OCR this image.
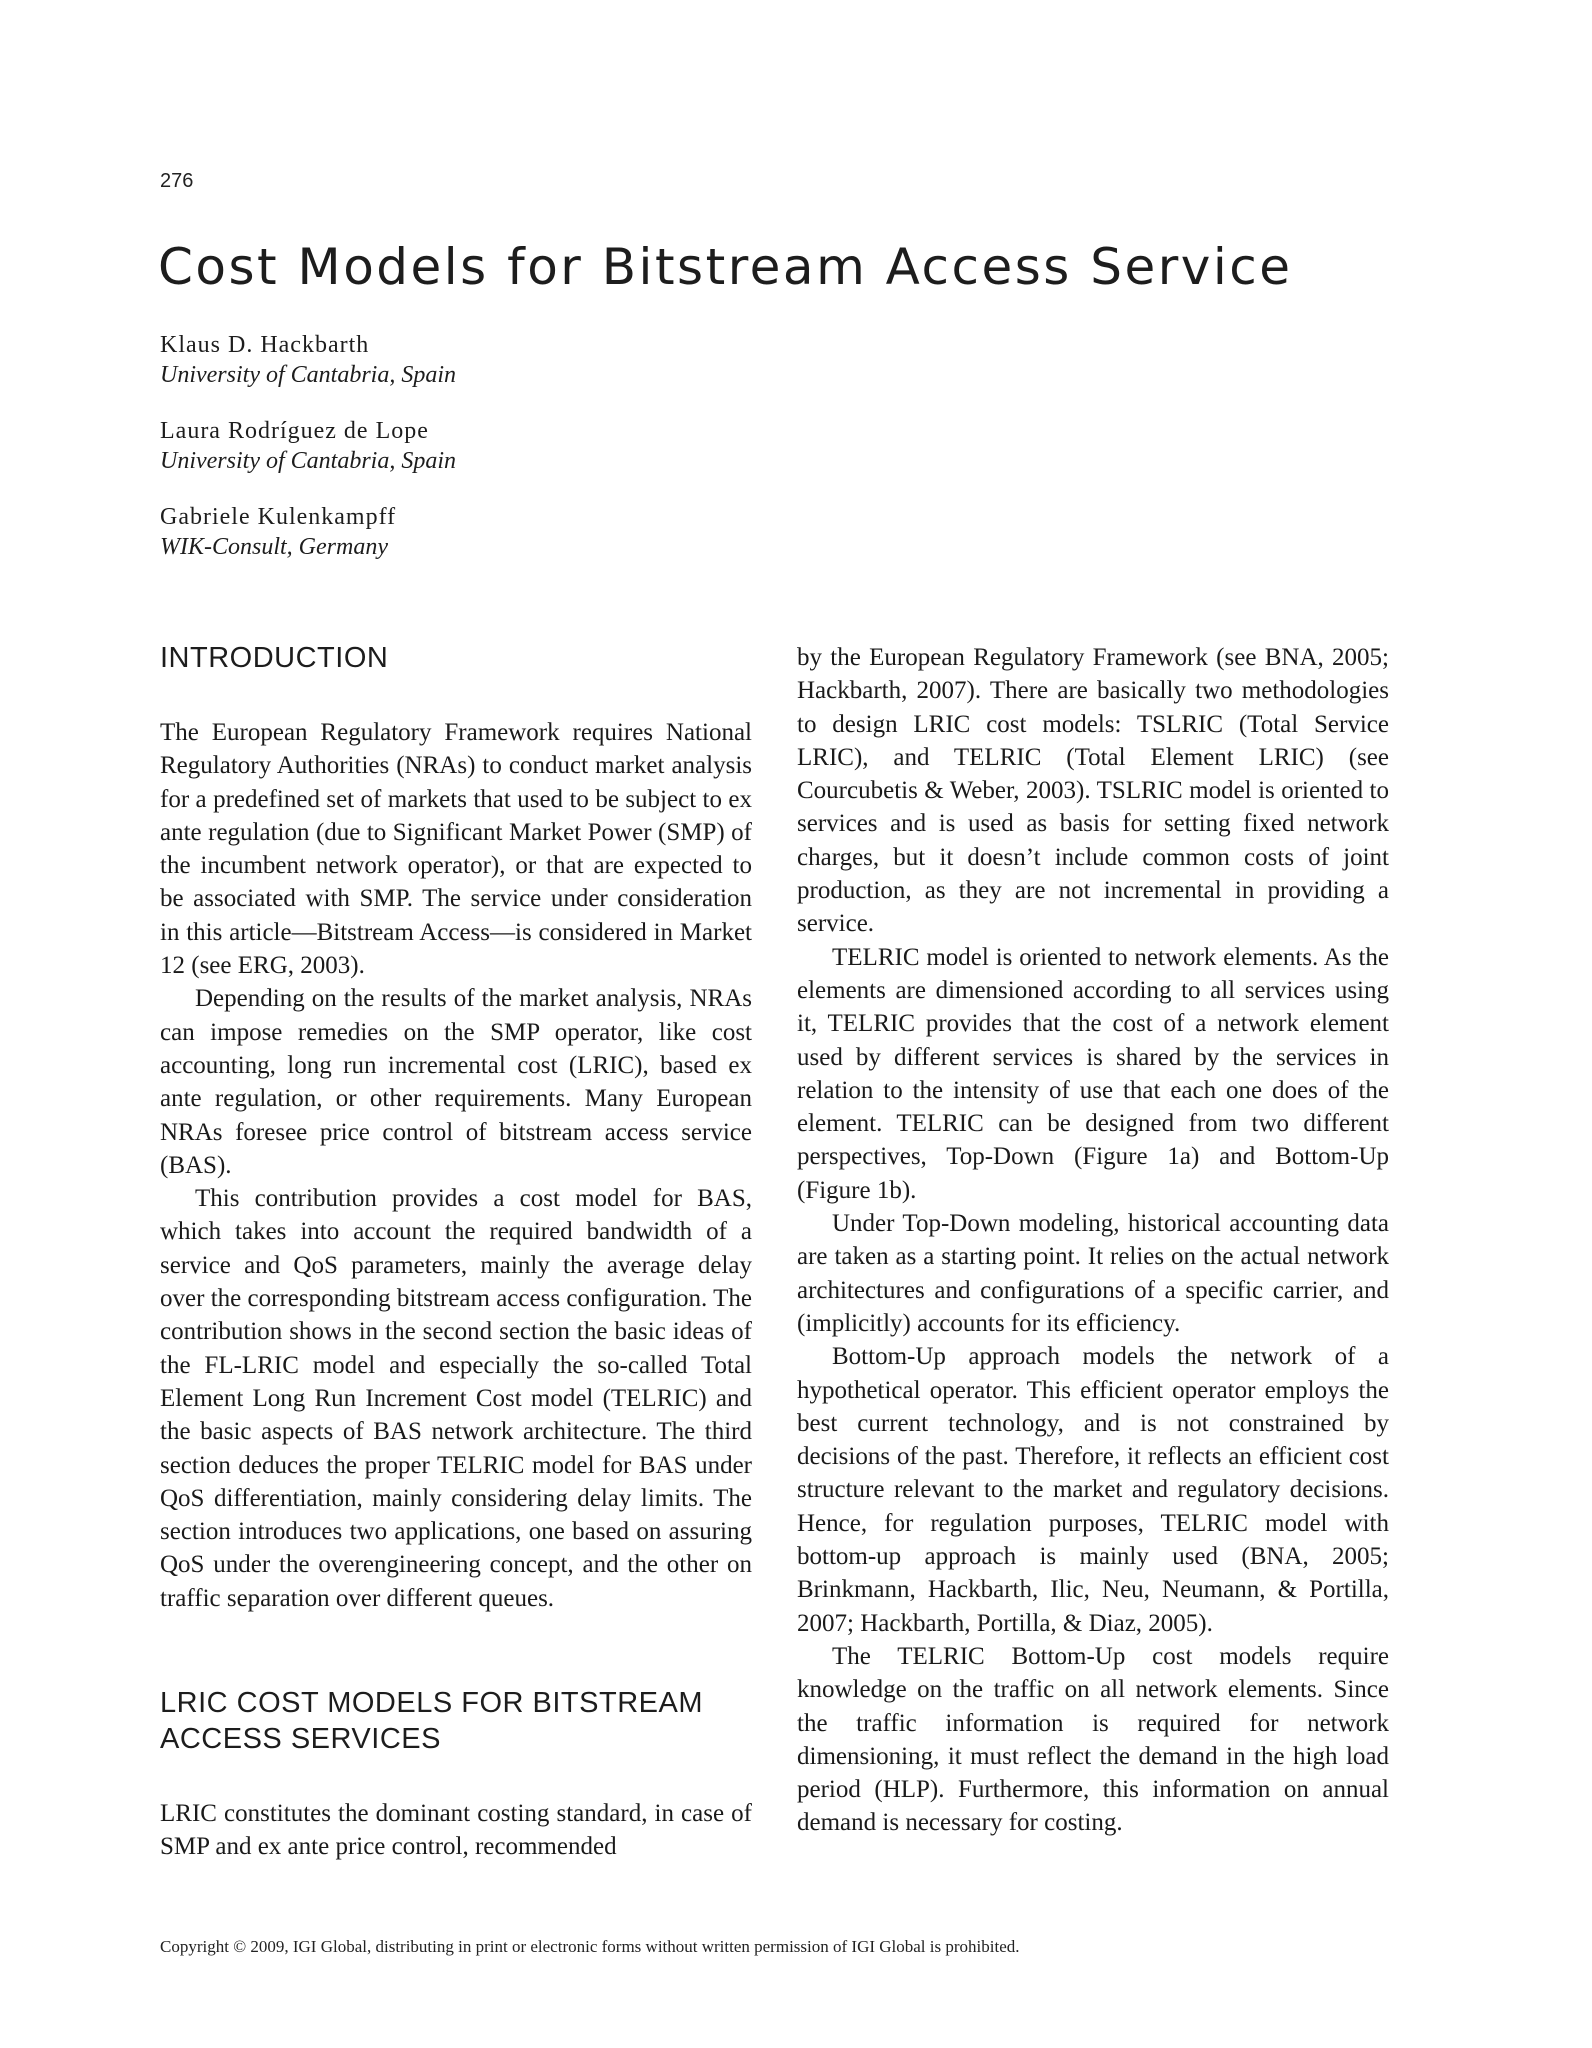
276
Cost Models for Bitstream Access Service
Klaus D. Hackbarth
University of Cantabria, Spain
Laura Rodríguez de Lope
University of Cantabria, Spain
Gabriele Kulenkampff
WIK-Consult, Germany
INTRODUCTION

The European Regulatory Framework requires National Regulatory Authorities (NRAs) to conduct market analysis for a predefined set of markets that used to be subject to ex ante regulation (due to Significant Market Power (SMP) of the incumbent network operator), or that are expected to be associated with SMP. The service under consideration in this article—Bitstream Access—is considered in Market 12 (see ERG, 2003).

Depending on the results of the market analysis, NRAs can impose remedies on the SMP operator, like cost accounting, long run incremental cost (LRIC), based ex ante regulation, or other requirements. Many European NRAs foresee price control of bitstream access service (BAS).

This contribution provides a cost model for BAS, which takes into account the required bandwidth of a service and QoS parameters, mainly the average delay over the corresponding bitstream access configuration. The contribution shows in the second section the basic ideas of the FL-LRIC model and especially the so-called Total Element Long Run Increment Cost model (TELRIC) and the basic aspects of BAS network architecture. The third section deduces the proper TELRIC model for BAS under QoS differentiation, mainly considering delay limits. The section introduces two applications, one based on assuring QoS under the overengineering concept, and the other on traffic separation over different queues.

LRIC COST MODELS FOR BITSTREAM
ACCESS SERVICES

LRIC constitutes the dominant costing standard, in case of SMP and ex ante price control, recommended

by the European Regulatory Framework (see BNA, 2005; Hackbarth, 2007). There are basically two methodologies to design LRIC cost models: TSLRIC (Total Service LRIC), and TELRIC (Total Element LRIC) (see Courcubetis & Weber, 2003). TSLRIC model is oriented to services and is used as basis for setting fixed network charges, but it doesn’t include common costs of joint production, as they are not incremental in providing a service.

TELRIC model is oriented to network elements. As the elements are dimensioned according to all services using it, TELRIC provides that the cost of a network element used by different services is shared by the services in relation to the intensity of use that each one does of the element. TELRIC can be designed from two different perspectives, Top-Down (Figure 1a) and Bottom-Up (Figure 1b).

Under Top-Down modeling, historical accounting data are taken as a starting point. It relies on the actual network architectures and configurations of a specific carrier, and (implicitly) accounts for its efficiency.

Bottom-Up approach models the network of a hypothetical operator. This efficient operator employs the best current technology, and is not constrained by decisions of the past. Therefore, it reflects an efficient cost structure relevant to the market and regulatory decisions. Hence, for regulation purposes, TELRIC model with bottom-up approach is mainly used (BNA, 2005; Brinkmann, Hackbarth, Ilic, Neu, Neumann, & Portilla, 2007; Hackbarth, Portilla, & Diaz, 2005).

The TELRIC Bottom-Up cost models require knowledge on the traffic on all network elements. Since the traffic information is required for network dimensioning, it must reflect the demand in the high load period (HLP). Furthermore, this information on annual demand is necessary for costing.

Copyright © 2009, IGI Global, distributing in print or electronic forms without written permission of IGI Global is prohibited.
